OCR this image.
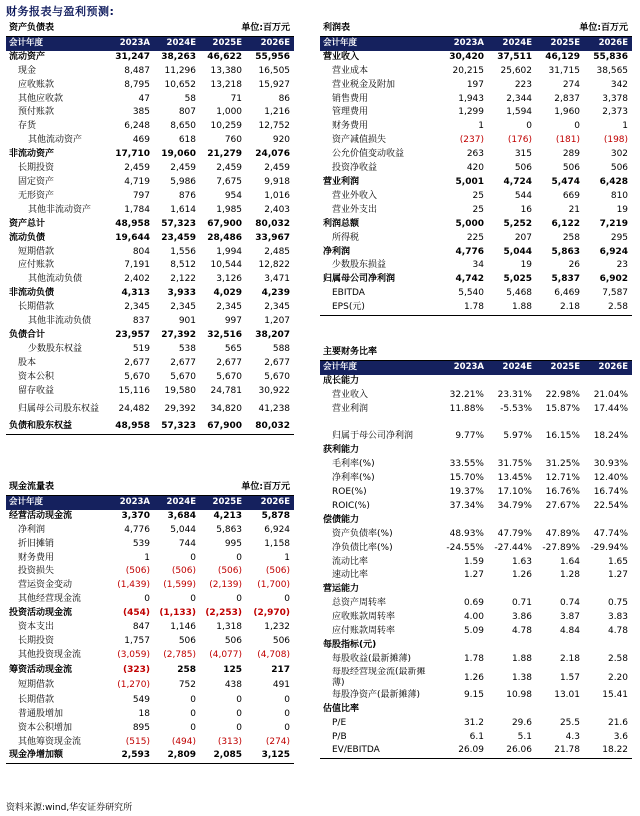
财务报表与盈利预测:
资产负债表			单位:百万元	
会计年度	2023A	2024E	2025E	2026E
流动资产	31,247	38,263	46,622	55,956
现金	8,487	11,296	13,380	16,505
应收账款	8,795	10,652	13,218	15,927
其他应收款	47	58	71	86
预付账款	385	807	1,000	1,216
存货	6,248	8,650	10,259	12,752
其他流动资产	469	618	760	920
非流动资产	17,710	19,060	21,279	24,076
长期投资	2,459	2,459	2,459	2,459
固定资产	4,719	5,986	7,675	9,918
无形资产	797	876	954	1,016
其他非流动资产	1,784	1,614	1,985	2,403
资产总计	48,958	57,323	67,900	80,032
流动负债	19,644	23,459	28,486	33,967
短期借款	804	1,556	1,994	2,485
应付账款	7,191	8,512	10,544	12,822
其他流动负债	2,402	2,122	3,126	3,471
非流动负债	4,313	3,933	4,029	4,239
长期借款	2,345	2,345	2,345	2,345
其他非流动负债	837	901	997	1,207
负债合计	23,957	27,392	32,516	38,207
少数股东权益	519	538	565	588
股本	2,677	2,677	2,677	2,677
资本公积	5,670	5,670	5,670	5,670
留存收益	15,116	19,580	24,781	30,922
归属母公司股东权益	24,482	29,392	34,820	41,238
负债和股东权益	48,958	57,323	67,900	80,032
现金流量表			单位:百万元	
会计年度	2023A	2024E	2025E	2026E
经营活动现金流	3,370	3,684	4,213	5,878
净利润	4,776	5,044	5,863	6,924
折旧摊销	539	744	995	1,158
财务费用	1	0	0	1
投资损失	(506)	(506)	(506)	(506)
营运资金变动	(1,439)	(1,599)	(2,139)	(1,700)
其他经营现金流	0	0	0	0
投资活动现金流	(454)	(1,133)	(2,253)	(2,970)
资本支出	847	1,146	1,318	1,232
长期投资	1,757	506	506	506
其他投资现金流	(3,059)	(2,785)	(4,077)	(4,708)
筹资活动现金流	(323)	258	125	217
短期借款	(1,270)	752	438	491
长期借款	549	0	0	0
普通股增加	18	0	0	0
资本公积增加	895	0	0	0
其他筹资现金流	(515)	(494)	(313)	(274)
现金净增加额	2,593	2,809	2,085	3,125
利润表			单位:百万元	
会计年度	2023A	2024E	2025E	2026E
营业收入	30,420	37,511	46,129	55,836
营业成本	20,215	25,602	31,715	38,565
营业税金及附加	197	223	274	342
销售费用	1,943	2,344	2,837	3,378
管理费用	1,299	1,594	1,960	2,373
财务费用	1	0	0	1
资产减值损失	(237)	(176)	(181)	(198)
公允价值变动收益	263	315	289	302
投资净收益	420	506	506	506
营业利润	5,001	4,724	5,474	6,428
营业外收入	25	544	669	810
营业外支出	25	16	21	19
利润总额	5,000	5,252	6,122	7,219
所得税	225	207	258	295
净利润	4,776	5,044	5,863	6,924
少数股东损益	34	19	26	23
归属母公司净利润	4,742	5,025	5,837	6,902
EBITDA	5,540	5,468	6,469	7,587
EPS(元)	1.78	1.88	2.18	2.58
主要财务比率				
会计年度	2023A	2024E	2025E	2026E
成长能力				
营业收入	32.21%	23.31%	22.98%	21.04%
营业利润	11.88%	-5.53%	15.87%	17.44%

归属于母公司净利润	9.77%	5.97%	16.15%	18.24%
获利能力				
毛利率(%)	33.55%	31.75%	31.25%	30.93%
净利率(%)	15.70%	13.45%	12.71%	12.40%
ROE(%)	19.37%	17.10%	16.76%	16.74%
ROIC(%)	37.34%	34.79%	27.67%	22.54%
偿债能力				
资产负债率(%)	48.93%	47.79%	47.89%	47.74%
净负债比率(%)	-24.55%	-27.44%	-27.89%	-29.94%
流动比率	1.59	1.63	1.64	1.65
速动比率	1.27	1.26	1.28	1.27
营运能力				
总资产周转率	0.69	0.71	0.74	0.75
应收账款周转率	4.00	3.86	3.87	3.83
应付账款周转率	5.09	4.78	4.84	4.78
每股指标(元)				
每股收益(最新摊薄)	1.78	1.88	2.18	2.58
每股经营现金流(最新摊薄)	1.26	1.38	1.57	2.20
每股净资产(最新摊薄)	9.15	10.98	13.01	15.41
估值比率				
P/E	31.2	29.6	25.5	21.6
P/B	6.1	5.1	4.3	3.6
EV/EBITDA	26.09	26.06	21.78	18.22
资料来源:wind,华安证券研究所
